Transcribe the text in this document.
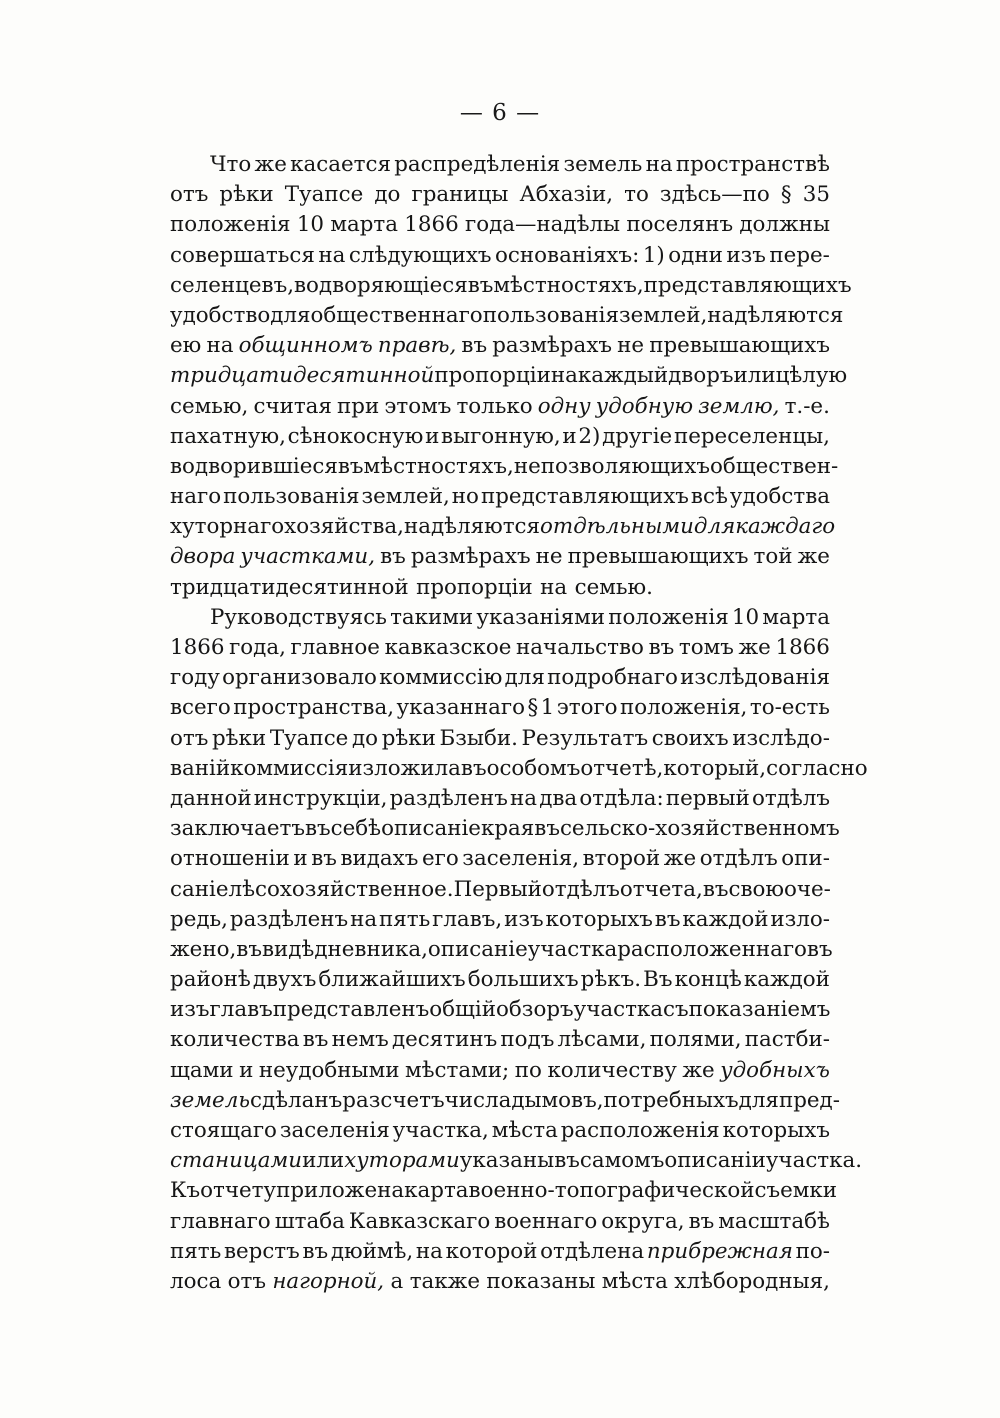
— 6 —
Что же касается распредѣленія земель на пространствѣ
отъ рѣки Туапсе до границы Абхазіи, то здѣсь—по § 35
положенія 10 марта 1866 года—надѣлы поселянъ должны
совершаться на слѣдующихъ основаніяхъ: 1) одни изъ пере-
селенцевъ, водворяющіеся въ мѣстностяхъ, представляющихъ
удобство для общественнаго пользованія землей, надѣляются
ею на общинномъ правѣ, въ размѣрахъ не превышающихъ
тридцатидесятинной пропорціи на каждый дворъ или цѣлую
семью, считая при этомъ только одну удобную землю, т.-е.
пахатную, сѣнокосную и выгонную, и 2) другіе переселенцы,
водворившіеся въ мѣстностяхъ, не позволяющихъ обществен-
наго пользованія землей, но представляющихъ всѣ удобства
хуторнаго хозяйства, надѣляются отдѣльными для каждаго
двора участками, въ размѣрахъ не превышающихъ той же
тридцатидесятинной пропорціи на семью.
Руководствуясь такими указаніями положенія 10 марта
1866 года, главное кавказское начальство въ томъ же 1866
году организовало коммиссію для подробнаго изслѣдованія
всего пространства, указаннаго § 1 этого положенія, то-есть
отъ рѣки Туапсе до рѣки Бзыби. Результатъ своихъ изслѣдо-
ваній коммиссія изложила въ особомъ отчетѣ, который, согласно
данной инструкціи, раздѣленъ на два отдѣла: первый отдѣлъ
заключаетъ въ себѣ описаніе края въ сельско-хозяйственномъ
отношеніи и въ видахъ его заселенія, второй же отдѣлъ опи-
саніе лѣсохозяйственное. Первый отдѣлъ отчета, въ свою оче-
редь, раздѣленъ на пять главъ, изъ которыхъ въ каждой изло-
жено, въ видѣ дневника, описаніе участка расположеннаго въ
районѣ двухъ ближайшихъ большихъ рѣкъ. Въ концѣ каждой
изъ главъ представленъ общій обзоръ участка съ показаніемъ
количества въ немъ десятинъ подъ лѣсами, полями, пастби-
щами и неудобными мѣстами; по количеству же удобныхъ
земель сдѣланъ разсчетъ числа дымовъ, потребныхъ для пред-
стоящаго заселенія участка, мѣста расположенія которыхъ
станицами или хуторами указаны въ самомъ описаніи участка.
Къ отчету приложена карта военно-топографической съемки
главнаго штаба Кавказскаго военнаго округа, въ масштабѣ
пять верстъ въ дюймѣ, на которой отдѣлена прибрежная по-
лоса отъ нагорной, а также показаны мѣста хлѣбородныя,
